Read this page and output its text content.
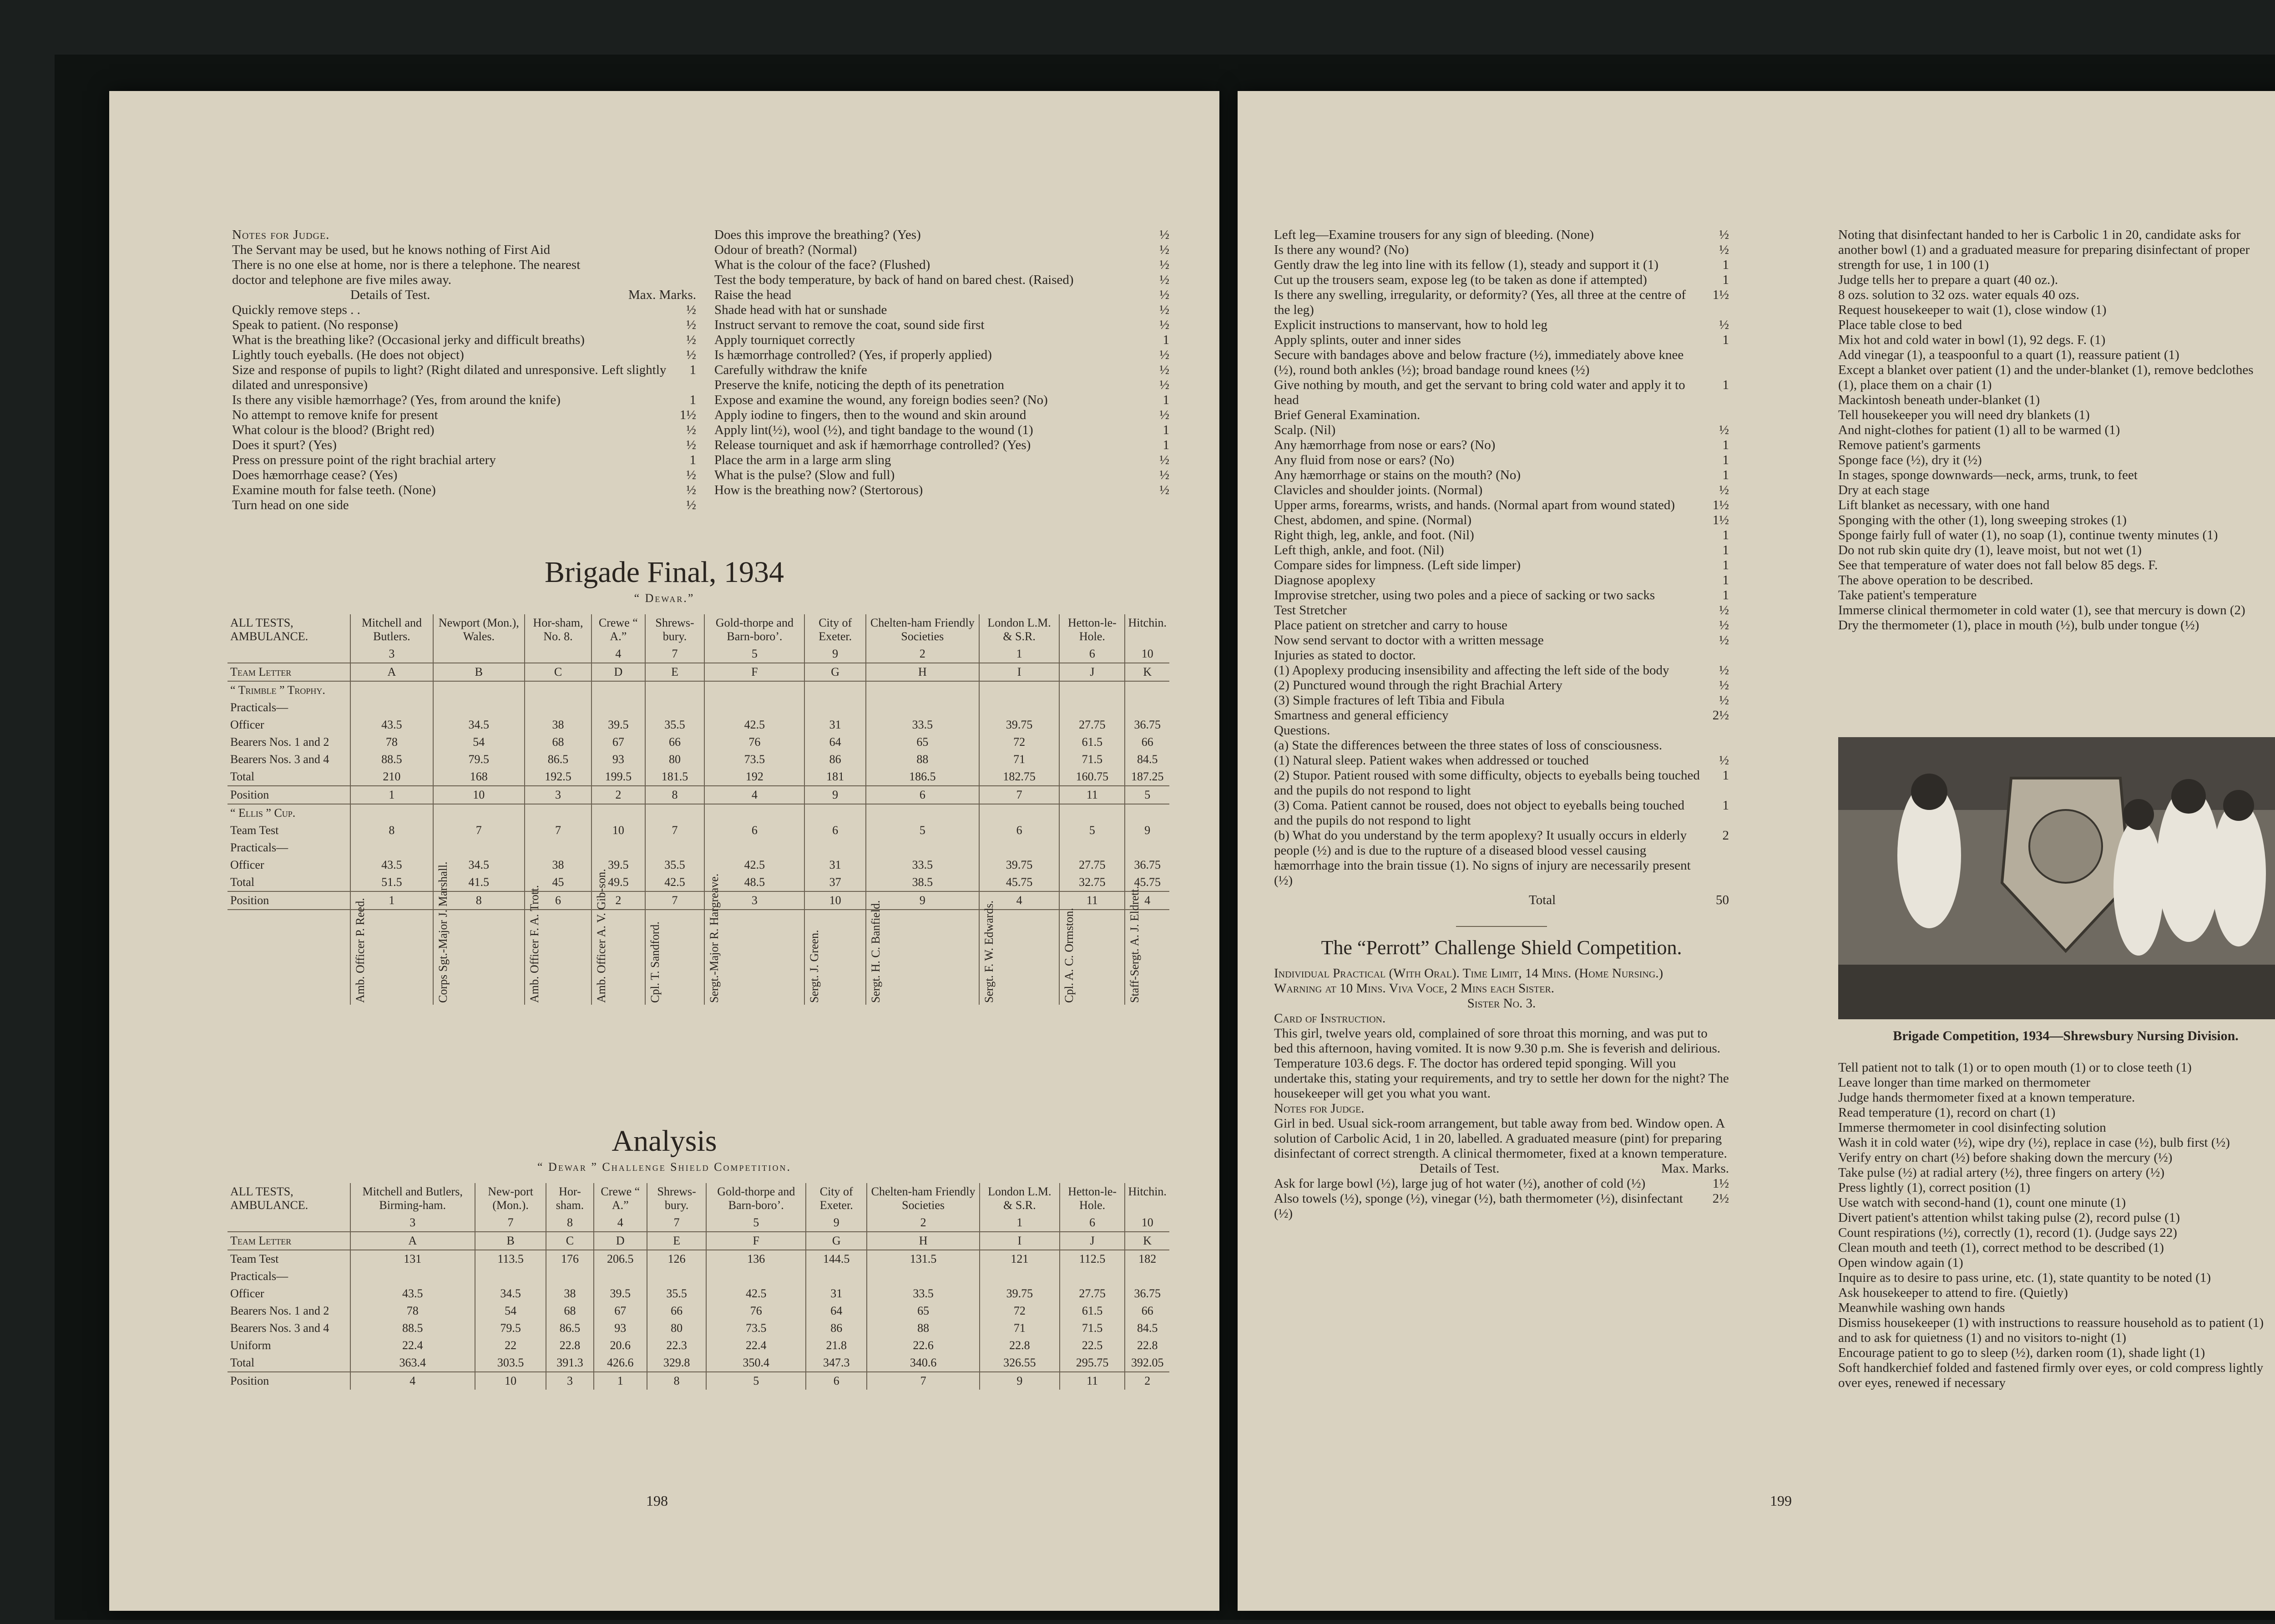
Notes for Judge.

The Servant may be used, but he knows nothing of First Aid
There is no one else at home, nor is there a telephone. The nearest
doctor and telephone are five miles away.
Details of Test.	Max. Marks.
Quickly remove steps . .	½
Speak to patient. (No response)	½
What is the breathing like? (Occasional jerky and difficult breaths)	½
Lightly touch eyeballs. (He does not object)	½
Size and response of pupils to light? (Right dilated and unresponsive. Left slightly dilated and unresponsive)
1
Is there any visible hæmorrhage? (Yes, from around the knife)	1
No attempt to remove knife for present	1½
What colour is the blood? (Bright red)	½
Does it spurt? (Yes)	½
Press on pressure point of the right brachial artery	1
Does hæmorrhage cease? (Yes)	½
Examine mouth for false teeth. (None)	½
Turn head on one side	½
Does this improve the breathing? (Yes)	½
Odour of breath? (Normal)	½
What is the colour of the face? (Flushed)	½
Test the body temperature, by back of hand on bared chest. (Raised)	½
Raise the head	½
Shade head with hat or sunshade	½
Instruct servant to remove the coat, sound side first	½
Apply tourniquet correctly	1
Is hæmorrhage controlled? (Yes, if properly applied)	½
Carefully withdraw the knife	½
Preserve the knife, noticing the depth of its penetration	½
Expose and examine the wound, any foreign bodies seen? (No)	1
Apply iodine to fingers, then to the wound and skin around	½
Apply lint(½), wool (½), and tight bandage to the wound (1)	1
Release tourniquet and ask if hæmorrhage controlled? (Yes)	1
Place the arm in a large arm sling	½
What is the pulse? (Slow and full)	½
How is the breathing now? (Stertorous)	½
Brigade Final, 1934
“ Dewar.”
ALL TESTS, AMBULANCE.	Mitchell and Butlers.	Newport (Mon.), Wales.	Hor-sham, No. 8.	Crewe “ A.”	Shrews-bury.	Gold-thorpe and Barn-boro’.	City of Exeter.	Chelten-ham Friendly Societies	London L.M. & S.R.	Hetton-le-Hole.	Hitchin.
	3			4	7	5	9	2	1	6	10
Team Letter	A	B	C	D	E	F	G	H	I	J	K
“ Trimble ” Trophy.											
Practicals—											
Officer	43.5	34.5	38	39.5	35.5	42.5	31	33.5	39.75	27.75	36.75
Bearers Nos. 1 and 2	78	54	68	67	66	76	64	65	72	61.5	66
Bearers Nos. 3 and 4	88.5	79.5	86.5	93	80	73.5	86	88	71	71.5	84.5
Total	210	168	192.5	199.5	181.5	192	181	186.5	182.75	160.75	187.25
Position	1	10	3	2	8	4	9	6	7	11	5
“ Ellis ” Cup.											
Team Test	8	7	7	10	7	6	6	5	6	5	9
Practicals—											
Officer	43.5	34.5	38	39.5	35.5	42.5	31	33.5	39.75	27.75	36.75
Total	51.5	41.5	45	49.5	42.5	48.5	37	38.5	45.75	32.75	45.75
Position	1	8	6	2	7	3	10	9	4	11	4

	Amb. Officer P. Reed.	Corps Sgt.-Major J. Marshall.	Amb. Officer F. A. Trott.	Amb. Officer A. V. Gib-son.	Cpl. T. Sandford.	Sergt.-Major R. Hargreave.	Sergt. J. Green.	Sergt. H. C. Banfield.	Sergt. F. W. Edwards.	Cpl. A. C. Ormston.	Staff-Sergt. A. J. Eldrett.
Analysis
“ Dewar ” Challenge Shield Competition.
ALL TESTS, AMBULANCE.	Mitchell and Butlers, Birming-ham.	New-port (Mon.).	Hor-sham.	Crewe “ A.”	Shrews-bury.	Gold-thorpe and Barn-boro’.	City of Exeter.	Chelten-ham Friendly Societies	London L.M. & S.R.	Hetton-le-Hole.	Hitchin.
	3	7	8	4	7	5	9	2	1	6	10
Team Letter	A	B	C	D	E	F	G	H	I	J	K
Team Test	131	113.5	176	206.5	126	136	144.5	131.5	121	112.5	182
Practicals—											
Officer	43.5	34.5	38	39.5	35.5	42.5	31	33.5	39.75	27.75	36.75
Bearers Nos. 1 and 2	78	54	68	67	66	76	64	65	72	61.5	66
Bearers Nos. 3 and 4	88.5	79.5	86.5	93	80	73.5	86	88	71	71.5	84.5
Uniform	22.4	22	22.8	20.6	22.3	22.4	21.8	22.6	22.8	22.5	22.8
Total	363.4	303.5	391.3	426.6	329.8	350.4	347.3	340.6	326.55	295.75	392.05
Position	4	10	3	1	8	5	6	7	9	11	2
198
Left leg—Examine trousers for any sign of bleeding. (None)	½
Is there any wound? (No)	½
Gently draw the leg into line with its fellow (1), steady and support it (1)	1
Cut up the trousers seam, expose leg (to be taken as done if attempted)	1
Is there any swelling, irregularity, or deformity? (Yes, all three at the centre of the leg)
1½
Explicit instructions to manservant, how to hold leg	½
Apply splints, outer and inner sides	1
Secure with bandages above and below fracture (½), immediately above knee (½), round both ankles (½); broad bandage round knees (½)
Give nothing by mouth, and get the servant to bring cold water and apply it to head
1
Brief General Examination.
Scalp. (Nil)	½
Any hæmorrhage from nose or ears? (No)	1
Any fluid from nose or ears? (No)	1
Any hæmorrhage or stains on the mouth? (No)	1
Clavicles and shoulder joints. (Normal)	½
Upper arms, forearms, wrists, and hands. (Normal apart from wound stated)	1½
Chest, abdomen, and spine. (Normal)	1½
Right thigh, leg, ankle, and foot. (Nil)	1
Left thigh, ankle, and foot. (Nil)	1
Compare sides for limpness. (Left side limper)	1
Diagnose apoplexy	1
Improvise stretcher, using two poles and a piece of sacking or two sacks	1
Test Stretcher	½
Place patient on stretcher and carry to house	½
Now send servant to doctor with a written message	½
Injuries as stated to doctor.
(1) Apoplexy producing insensibility and affecting the left side of the body	½
(2) Punctured wound through the right Brachial Artery	½
(3) Simple fractures of left Tibia and Fibula	½
Smartness and general efficiency	2½
Questions.
(a) State the differences between the three states of loss of consciousness.
(1) Natural sleep. Patient wakes when addressed or touched	½
(2) Stupor. Patient roused with some difficulty, objects to eyeballs being touched and the pupils do not respond to light
1
(3) Coma. Patient cannot be roused, does not object to eyeballs being touched and the pupils do not respond to light
1
(b) What do you understand by the term apoplexy? It usually occurs in elderly people (½) and is due to the rupture of a diseased blood vessel causing hæmorrhage into the brain tissue (1). No signs of injury are necessarily present (½)
2
Total	50
The “Perrott” Challenge Shield Competition.

Individual Practical (With Oral). Time Limit, 14 Mins. (Home Nursing.)

Warning at 10 Mins. Viva Voce, 2 Mins each Sister.

Sister No. 3.

Card of Instruction.

This girl, twelve years old, complained of sore throat this morning, and was put to bed this afternoon, having vomited. It is now 9.30 p.m. She is feverish and delirious. Temperature 103.6 degs. F. The doctor has ordered tepid sponging. Will you undertake this, stating your requirements, and try to settle her down for the night? The housekeeper will get you what you want.

Notes for Judge.

Girl in bed. Usual sick-room arrangement, but table away from bed. Window open. A solution of Carbolic Acid, 1 in 20, labelled. A graduated measure (pint) for preparing disinfectant of correct strength. A clinical thermometer, fixed at a known temperature.

Details of Test.	Max. Marks.
Ask for large bowl (½), large jug of hot water (½), another of cold (½)	1½
Also towels (½), sponge (½), vinegar (½), bath thermometer (½), disinfectant (½)
2½
Noting that disinfectant handed to her is Carbolic 1 in 20, candidate asks for another bowl (1) and a graduated measure for preparing disinfectant of proper strength for use, 1 in 100 (1)
Judge tells her to prepare a quart (40 oz.).
8 ozs. solution to 32 ozs. water equals 40 ozs.
Request housekeeper to wait (1), close window (1)
Place table close to bed
Mix hot and cold water in bowl (1), 92 degs. F. (1)
Add vinegar (1), a teaspoonful to a quart (1), reassure patient (1)
Except a blanket over patient (1) and the under-blanket (1), remove bedclothes (1), place them on a chair (1)
Mackintosh beneath under-blanket (1)
Tell housekeeper you will need dry blankets (1)
And night-clothes for patient (1) all to be warmed (1)
Remove patient's garments
Sponge face (½), dry it (½)
In stages, sponge downwards—neck, arms, trunk, to feet
Dry at each stage
Lift blanket as necessary, with one hand
Sponging with the other (1), long sweeping strokes (1)
Sponge fairly full of water (1), no soap (1), continue twenty minutes (1)
Do not rub skin quite dry (1), leave moist, but not wet (1)
See that temperature of water does not fall below 85 degs. F.
The above operation to be described.
Take patient's temperature
Immerse clinical thermometer in cold water (1), see that mercury is down (2)
Dry the thermometer (1), place in mouth (½), bulb under tongue (½)
Brigade Competition, 1934—Shrewsbury Nursing Division.
Tell patient not to talk (1) or to open mouth (1) or to close teeth (1)
Leave longer than time marked on thermometer
Judge hands thermometer fixed at a known temperature.
Read temperature (1), record on chart (1)
Immerse thermometer in cool disinfecting solution
Wash it in cold water (½), wipe dry (½), replace in case (½), bulb first (½)
Verify entry on chart (½) before shaking down the mercury (½)
Take pulse (½) at radial artery (½), three fingers on artery (½)
Press lightly (1), correct position (1)
Use watch with second-hand (1), count one minute (1)
Divert patient's attention whilst taking pulse (2), record pulse (1)
Count respirations (½), correctly (1), record (1). (Judge says 22)
Clean mouth and teeth (1), correct method to be described (1)
Open window again (1)
Inquire as to desire to pass urine, etc. (1), state quantity to be noted (1)
Ask housekeeper to attend to fire. (Quietly)
Meanwhile washing own hands
Dismiss housekeeper (1) with instructions to reassure household as to patient (1) and to ask for quietness (1) and no visitors to-night (1)
Encourage patient to go to sleep (½), darken room (1), shade light (1)
Soft handkerchief folded and fastened firmly over eyes, or cold compress lightly over eyes, renewed if necessary
199
